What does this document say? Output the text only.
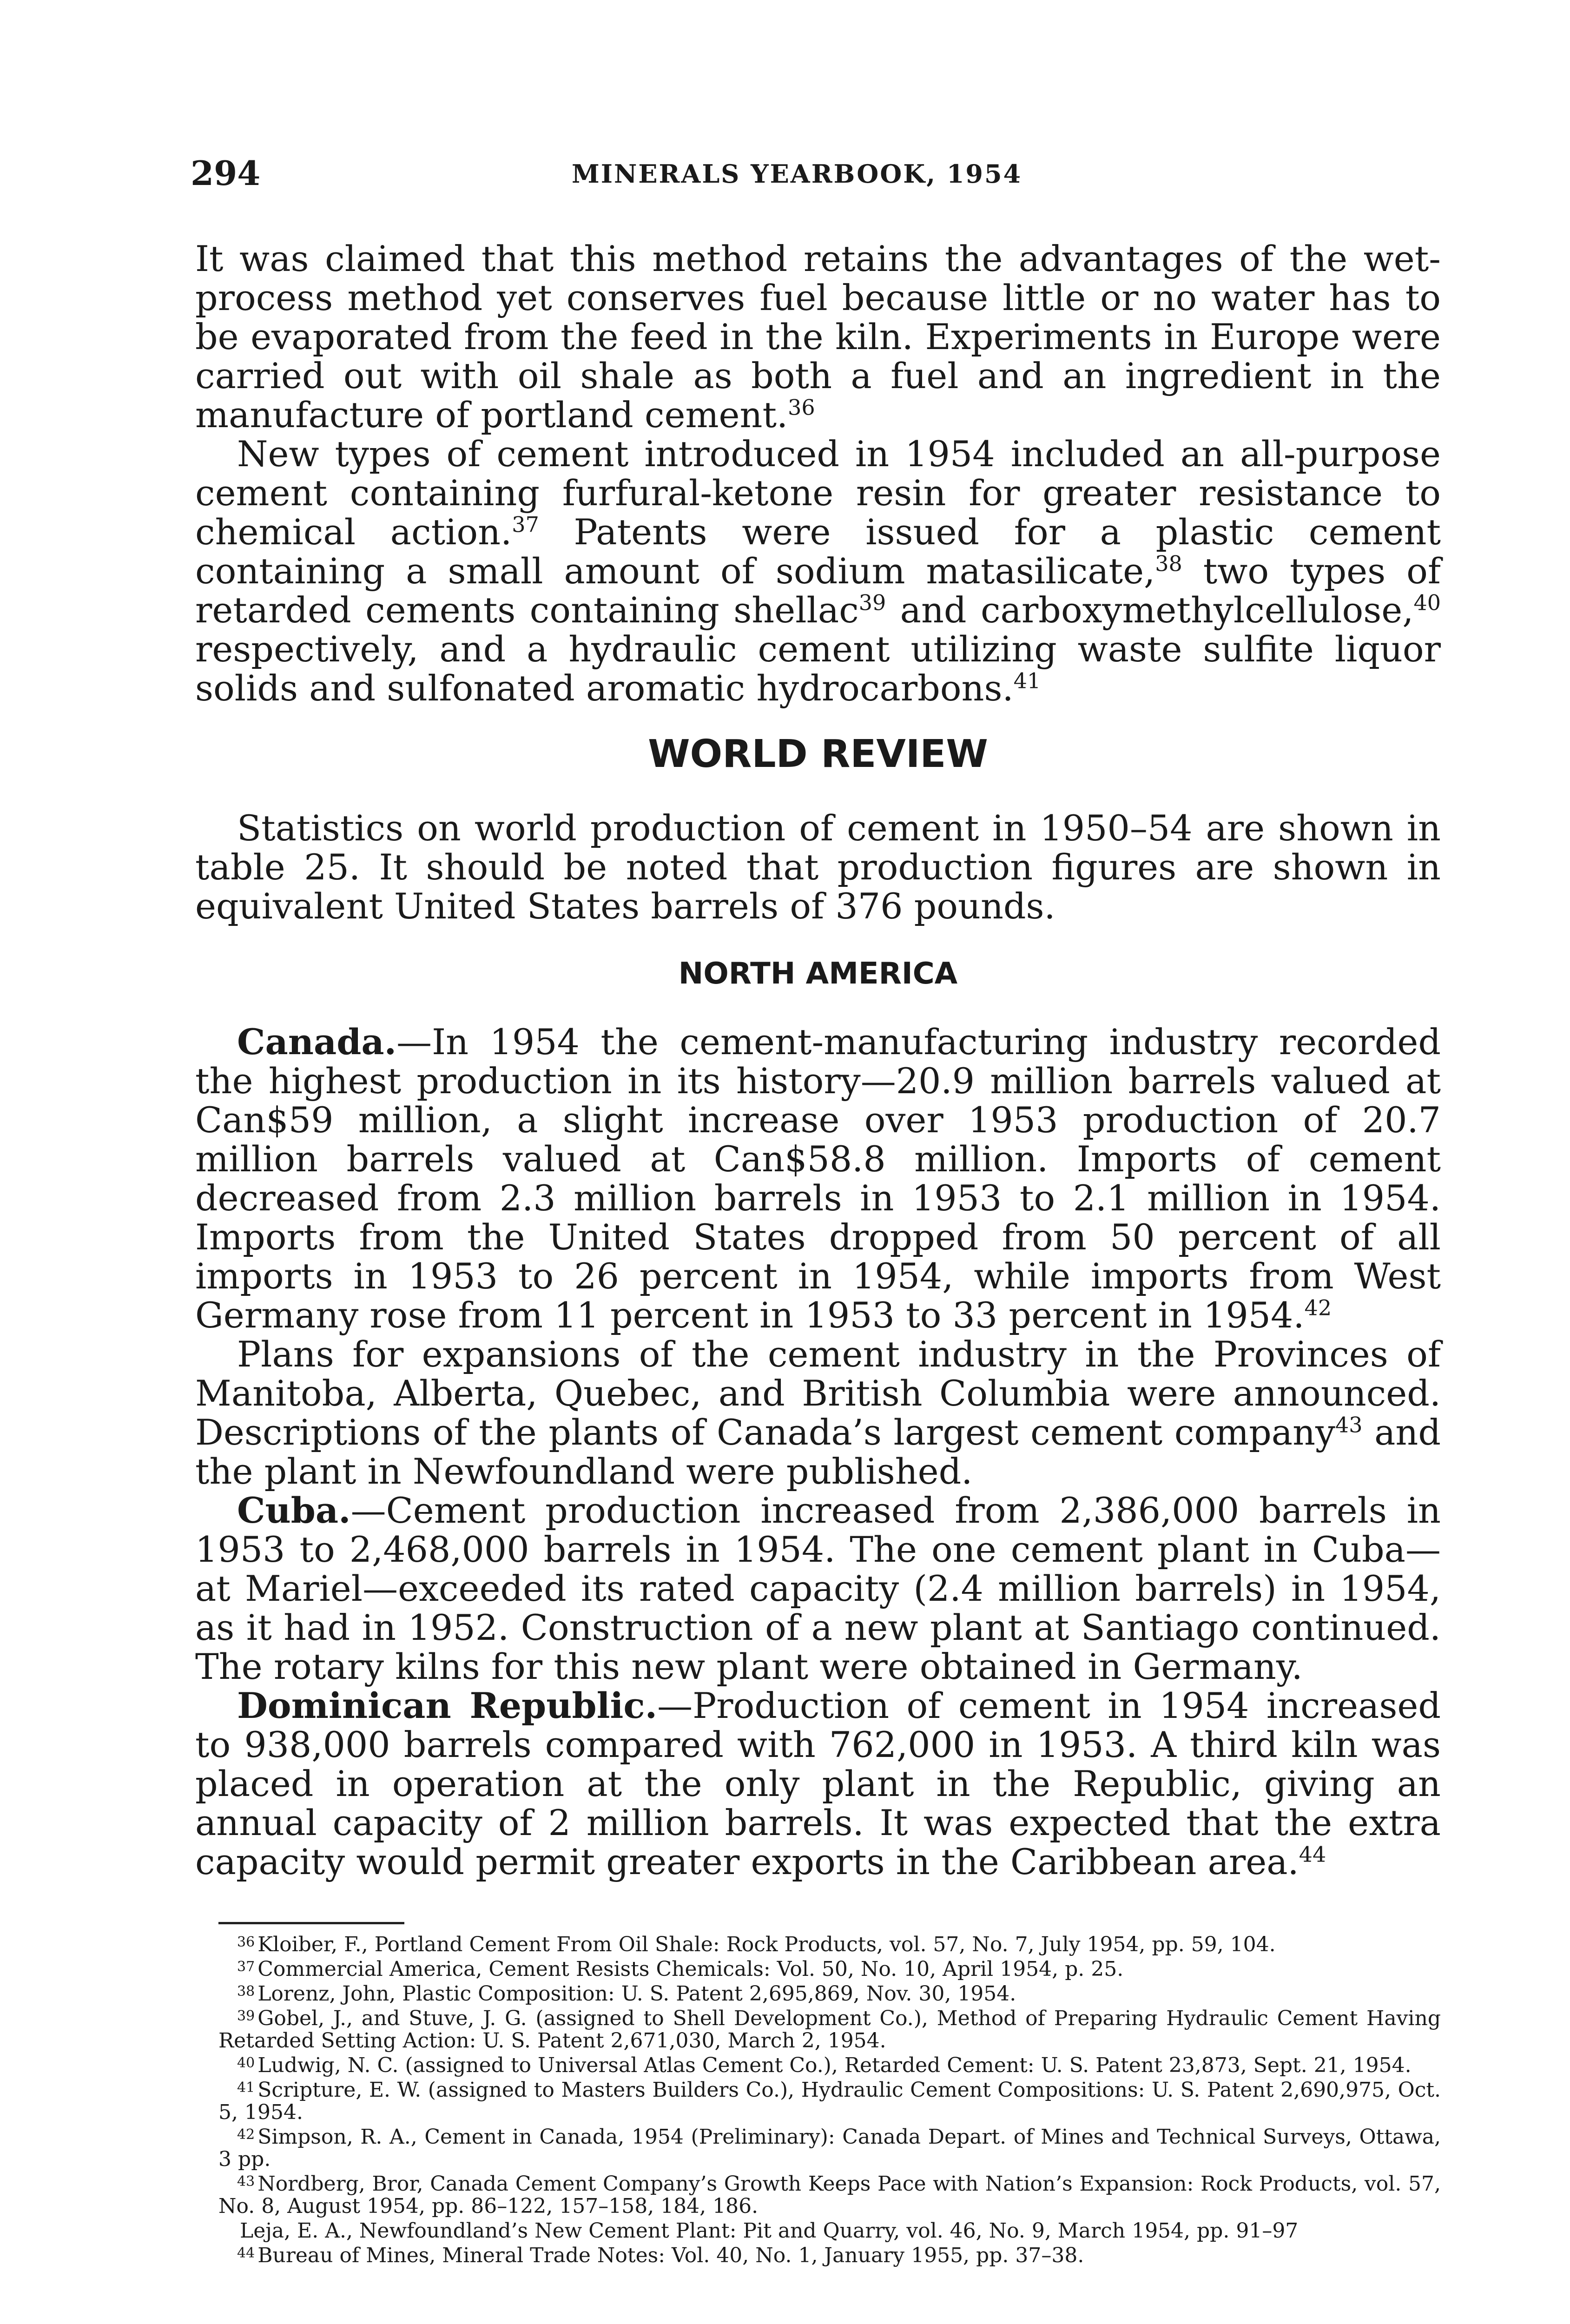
294	MINERALS YEARBOOK, 1954

It was claimed that this method retains the advantages of the wet-process method yet conserves fuel because little or no water has to be evaporated from the feed in the kiln. Experiments in Europe were carried out with oil shale as both a fuel and an ingredient in the manufacture of portland cement.$^{36}$

New types of cement introduced in 1954 included an all-purpose cement containing furfural-ketone resin for greater resistance to chemical action.$^{37}$ Patents were issued for a plastic cement containing a small amount of sodium matasilicate,$^{38}$ two types of retarded cements containing shellac$^{39}$ and carboxymethylcellulose,$^{40}$ respectively, and a hydraulic cement utilizing waste sulfite liquor solids and sulfonated aromatic hydrocarbons.$^{41}$

WORLD REVIEW

Statistics on world production of cement in 1950–54 are shown in table 25. It should be noted that production figures are shown in equivalent United States barrels of 376 pounds.

NORTH AMERICA

Canada.—In 1954 the cement-manufacturing industry recorded the highest production in its history—20.9 million barrels valued at Can$59 million, a slight increase over 1953 production of 20.7 million barrels valued at Can$58.8 million. Imports of cement decreased from 2.3 million barrels in 1953 to 2.1 million in 1954. Imports from the United States dropped from 50 percent of all imports in 1953 to 26 percent in 1954, while imports from West Germany rose from 11 percent in 1953 to 33 percent in 1954.42

Plans for expansions of the cement industry in the Provinces of Manitoba, Alberta, Quebec, and British Columbia were announced. Descriptions of the plants of Canada’s largest cement company$^{43}$ and the plant in Newfoundland were published.

Cuba.—Cement production increased from 2,386,000 barrels in 1953 to 2,468,000 barrels in 1954. The one cement plant in Cuba—at Mariel—exceeded its rated capacity (2.4 million barrels) in 1954, as it had in 1952. Construction of a new plant at Santiago continued. The rotary kilns for this new plant were obtained in Germany.

Dominican Republic.—Production of cement in 1954 increased to 938,000 barrels compared with 762,000 in 1953. A third kiln was placed in operation at the only plant in the Republic, giving an annual capacity of 2 million barrels. It was expected that the extra capacity would permit greater exports in the Caribbean area.$^{44}$

$^{36}$ Kloiber, F., Portland Cement From Oil Shale: Rock Products, vol. 57, No. 7, July 1954, pp. 59, 104.

$^{37}$ Commercial America, Cement Resists Chemicals: Vol. 50, No. 10, April 1954, p. 25.

$^{38}$ Lorenz, John, Plastic Composition: U. S. Patent 2,695,869, Nov. 30, 1954.

$^{39}$ Gobel, J., and Stuve, J. G. (assigned to Shell Development Co.), Method of Preparing Hydraulic Cement Having Retarded Setting Action: U. S. Patent 2,671,030, March 2, 1954.

$^{40}$ Ludwig, N. C. (assigned to Universal Atlas Cement Co.), Retarded Cement: U. S. Patent 23,873, Sept. 21, 1954.

$^{41}$ Scripture, E. W. (assigned to Masters Builders Co.), Hydraulic Cement Compositions: U. S. Patent 2,690,975, Oct. 5, 1954.

$^{42}$ Simpson, R. A., Cement in Canada, 1954 (Preliminary): Canada Depart. of Mines and Technical Surveys, Ottawa, 3 pp.

$^{43}$ Nordberg, Bror, Canada Cement Company’s Growth Keeps Pace with Nation’s Expansion: Rock Products, vol. 57, No. 8, August 1954, pp. 86–122, 157–158, 184, 186.

Leja, E. A., Newfoundland’s New Cement Plant: Pit and Quarry, vol. 46, No. 9, March 1954, pp. 91–97

$^{44}$ Bureau of Mines, Mineral Trade Notes: Vol. 40, No. 1, January 1955, pp. 37–38.
